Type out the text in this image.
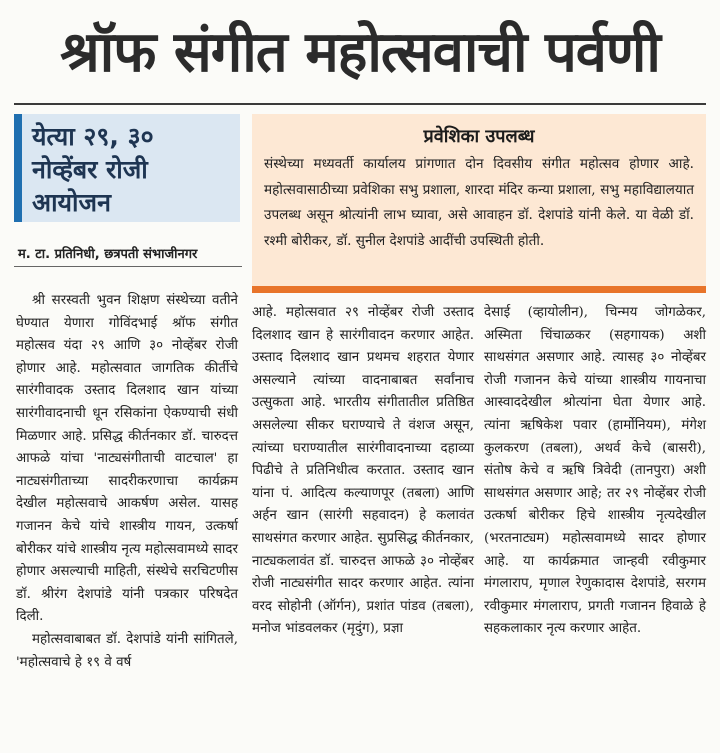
श्रॉफ संगीत महोत्सवाची पर्वणी
येत्या २९, ३०
नोव्हेंबर रोजी
आयोजन
म. टा. प्रतिनिधी, छत्रपती संभाजीनगर
प्रवेशिका उपलब्ध
संस्थेच्या मध्यवर्ती कार्यालय प्रांगणात दोन दिवसीय संगीत महोत्सव होणार आहे. महोत्सवासाठीच्या प्रवेशिका सभु प्रशाला, शारदा मंदिर कन्या प्रशाला, सभु महाविद्यालयात उपलब्ध असून श्रोत्यांनी लाभ घ्यावा, असे आवाहन डॉ. देशपांडे यांनी केले. या वेळी डॉ. रश्मी बोरीकर, डॉ. सुनील देशपांडे आदींची उपस्थिती होती.

श्री सरस्वती भुवन शिक्षण संस्थेच्या वतीने घेण्यात येणारा गोविंदभाई श्रॉफ संगीत महोत्सव यंदा २९ आणि ३० नोव्हेंबर रोजी होणार आहे. महोत्सवात जागतिक कीर्तीचे सारंगीवादक उस्ताद दिलशाद खान यांच्या सारंगीवादनाची धून रसिकांना ऐकण्याची संधी मिळणार आहे. प्रसिद्ध कीर्तनकार डॉ. चारुदत्त आफळे यांचा 'नाट्यसंगीताची वाटचाल' हा नाट्यसंगीताच्या सादरीकरणाचा कार्यक्रम देखील महोत्सवाचे आकर्षण असेल. यासह गजानन केचे यांचे शास्त्रीय गायन, उत्कर्षा बोरीकर यांचे शास्त्रीय नृत्य महोत्सवामध्ये सादर होणार असल्याची माहिती, संस्थेचे सरचिटणीस डॉ. श्रीरंग देशपांडे यांनी पत्रकार परिषदेत दिली.

महोत्सवाबाबत डॉ. देशपांडे यांनी सांगितले, 'महोत्सवाचे हे १९ वे वर्ष

आहे. महोत्सवात २९ नोव्हेंबर रोजी उस्ताद दिलशाद खान हे सारंगीवादन करणार आहेत. उस्ताद दिलशाद खान प्रथमच शहरात येणार असल्याने त्यांच्या वादनाबाबत सर्वांनाच उत्सुकता आहे. भारतीय संगीतातील प्रतिष्ठित असलेल्या सीकर घराण्याचे ते वंशज असून, त्यांच्या घराण्यातील सारंगीवादनाच्या दहाव्या पिढीचे ते प्रतिनिधीत्व करतात. उस्ताद खान यांना पं. आदित्य कल्याणपूर (तबला) आणि अर्हन खान (सारंगी सहवादन) हे कलावंत साथसंगत करणार आहेत. सुप्रसिद्ध कीर्तनकार, नाट्यकलावंत डॉ. चारुदत्त आफळे ३० नोव्हेंबर रोजी नाट्यसंगीत सादर करणार आहेत. त्यांना वरद सोहोनी (ऑर्गन), प्रशांत पांडव (तबला), मनोज भांडवलकर (मृदुंग), प्रज्ञा

देसाई (व्हायोलीन), चिन्मय जोगळेकर, अस्मिता चिंचाळकर (सहगायक) अशी साथसंगत असणार आहे. त्यासह ३० नोव्हेंबर रोजी गजानन केचे यांच्या शास्त्रीय गायनाचा आस्वाददेखील श्रोत्यांना घेता येणार आहे. त्यांना ऋषिकेश पवार (हार्मोनियम), मंगेश कुलकरण (तबला), अथर्व केचे (बासरी), संतोष केचे व ऋषि त्रिवेदी (तानपुरा) अशी साथसंगत असणार आहे; तर २९ नोव्हेंबर रोजी उत्कर्षा बोरीकर हिचे शास्त्रीय नृत्यदेखील (भरतनाट्यम) महोत्सवामध्ये सादर होणार आहे. या कार्यक्रमात जान्हवी रवीकुमार मंगलाराप, मृणाल रेणुकादास देशपांडे, सरगम रवीकुमार मंगलाराप, प्रगती गजानन हिवाळे हे सहकलाकार नृत्य करणार आहेत.
